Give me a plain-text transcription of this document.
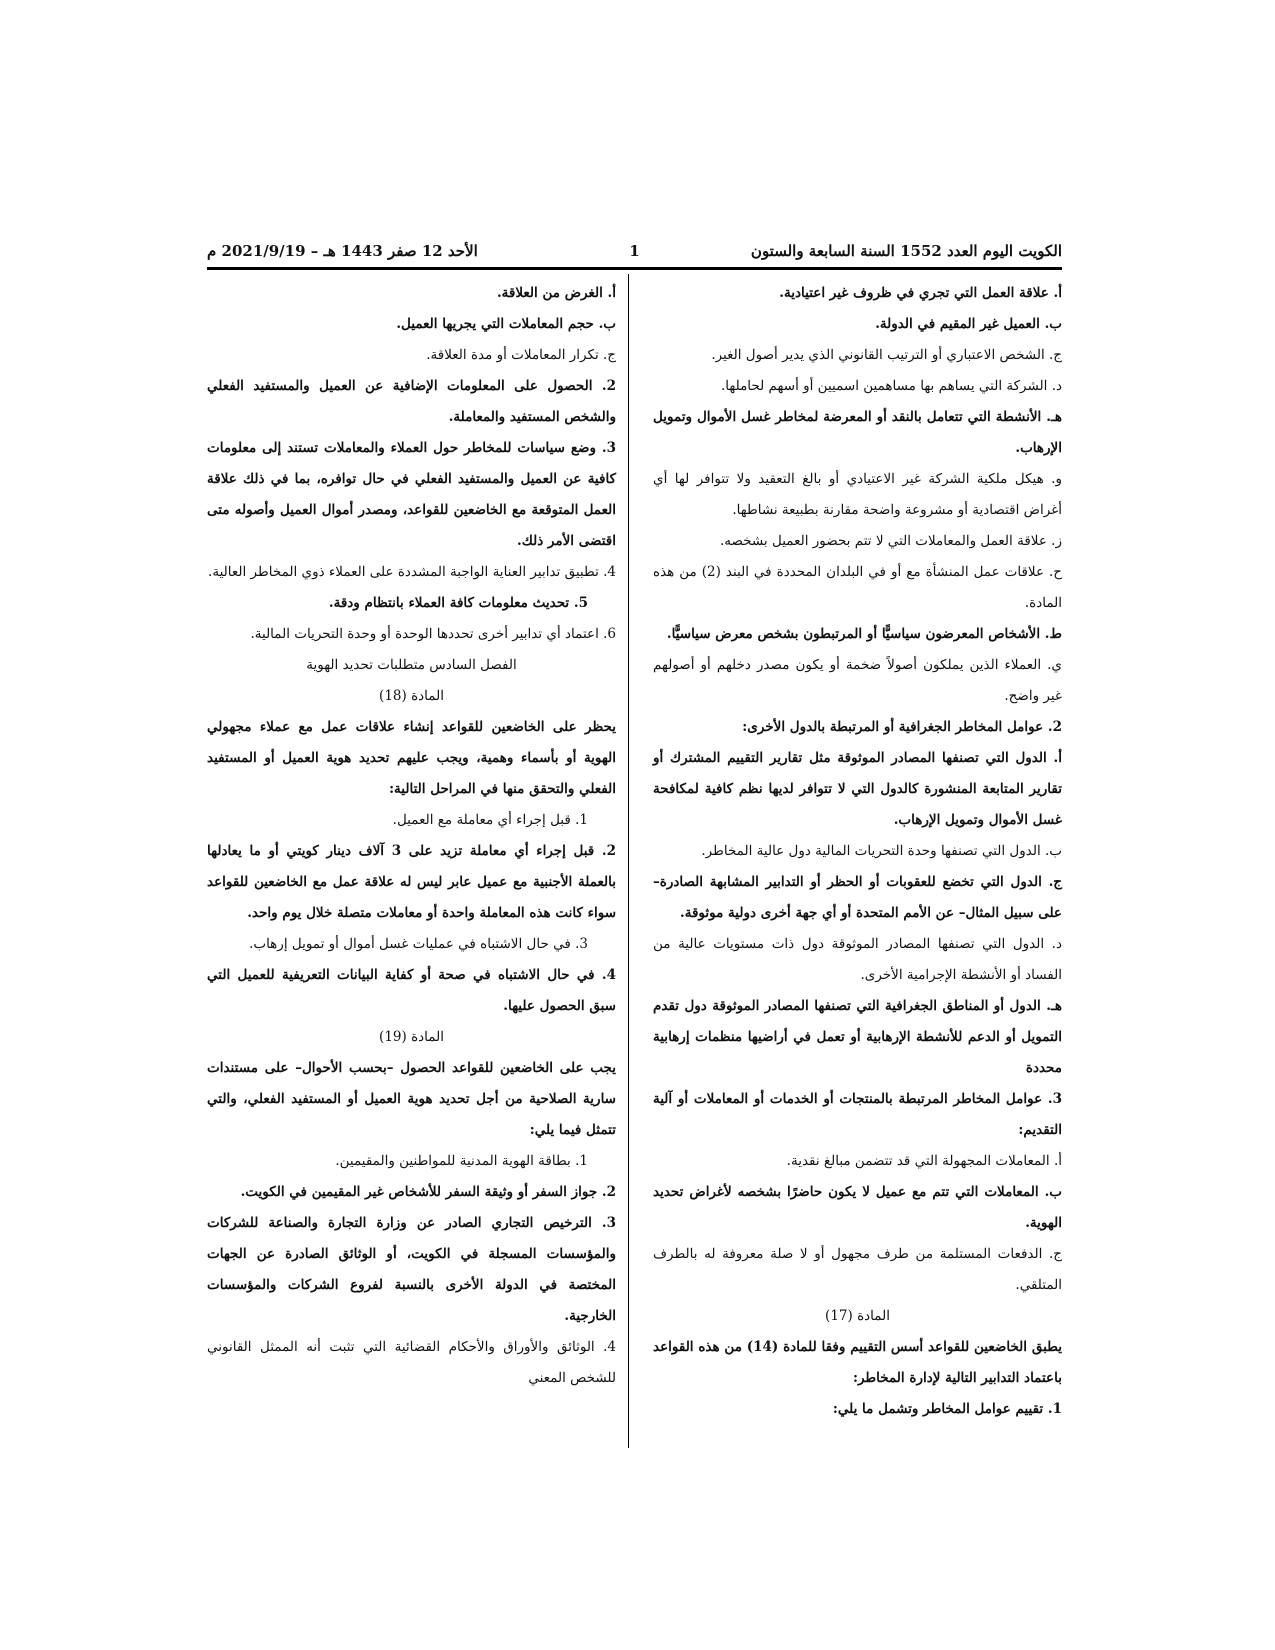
الكويت اليوم العدد 1552 السنة السابعة والستون
1
الأحد 12 صفر 1443 هـ – 2021/9/19 م

أ. علاقة العمل التي تجري في ظروف غير اعتيادية.

ب. العميل غير المقيم في الدولة.

ج. الشخص الاعتباري أو الترتيب القانوني الذي يدير أصول الغير.

د. الشركة التي يساهم بها مساهمين اسميين أو أسهم لحاملها.

هـ. الأنشطة التي تتعامل بالنقد أو المعرضة لمخاطر غسل الأموال وتمويل الإرهاب.

و. هيكل ملكية الشركة غير الاعتيادي أو بالغ التعقيد ولا تتوافر لها أي أغراض اقتصادية أو مشروعة واضحة مقارنة بطبيعة نشاطها.

ز. علاقة العمل والمعاملات التي لا تتم بحضور العميل بشخصه.

ح. علاقات عمل المنشأة مع أو في البلدان المحددة في البند (2) من هذه المادة.

ط. الأشخاص المعرضون سياسيًّا أو المرتبطون بشخص معرض سياسيًّا.

ي. العملاء الذين يملكون أصولاً ضخمة أو يكون مصدر دخلهم أو أصولهم غير واضح.

2. عوامل المخاطر الجغرافية أو المرتبطة بالدول الأخرى:

أ. الدول التي تصنفها المصادر الموثوقة مثل تقارير التقييم المشترك أو تقارير المتابعة المنشورة كالدول التي لا تتوافر لديها نظم كافية لمكافحة غسل الأموال وتمويل الإرهاب.

ب. الدول التي تصنفها وحدة التحريات المالية دول عالية المخاطر.

ج. الدول التي تخضع للعقوبات أو الحظر أو التدابير المشابهة الصادرة–على سبيل المثال– عن الأمم المتحدة أو أي جهة أخرى دولية موثوقة.

د. الدول التي تصنفها المصادر الموثوقة دول ذات مستويات عالية من الفساد أو الأنشطة الإجرامية الأخرى.

هـ. الدول أو المناطق الجغرافية التي تصنفها المصادر الموثوقة دول تقدم التمويل أو الدعم للأنشطة الإرهابية أو تعمل في أراضيها منظمات إرهابية محددة

3. عوامل المخاطر المرتبطة بالمنتجات أو الخدمات أو المعاملات أو آلية التقديم:

أ. المعاملات المجهولة التي قد تتضمن مبالغ نقدية.

ب. المعاملات التي تتم مع عميل لا يكون حاضرًا بشخصه لأغراض تحديد الهوية.

ج. الدفعات المستلمة من طرف مجهول أو لا صلة معروفة له بالطرف المتلقي.

المادة (17)

يطبق الخاضعين للقواعد أسس التقييم وفقا للمادة (14) من هذه القواعد باعتماد التدابير التالية لإدارة المخاطر:

1. تقييم عوامل المخاطر وتشمل ما يلي:

أ. الغرض من العلاقة.

ب. حجم المعاملات التي يجريها العميل.

ج. تكرار المعاملات أو مدة العلاقة.

2. الحصول على المعلومات الإضافية عن العميل والمستفيد الفعلي والشخص المستفيد والمعاملة.

3. وضع سياسات للمخاطر حول العملاء والمعاملات تستند إلى معلومات كافية عن العميل والمستفيد الفعلي في حال توافره، بما في ذلك علاقة العمل المتوقعة مع الخاضعين للقواعد، ومصدر أموال العميل وأصوله متى اقتضى الأمر ذلك.

4. تطبيق تدابير العناية الواجبة المشددة على العملاء ذوي المخاطر العالية.

5. تحديث معلومات كافة العملاء بانتظام ودقة.

6. اعتماد أي تدابير أخرى تحددها الوحدة أو وحدة التحريات المالية.

الفصل السادس متطلبات تحديد الهوية

المادة (18)

يحظر على الخاضعين للقواعد إنشاء علاقات عمل مع عملاء مجهولي الهوية أو بأسماء وهمية، ويجب عليهم تحديد هوية العميل أو المستفيد الفعلي والتحقق منها في المراحل التالية:

1. قبل إجراء أي معاملة مع العميل.

2. قبل إجراء أي معاملة تزيد على 3 آلاف دينار كويتي أو ما يعادلها بالعملة الأجنبية مع عميل عابر ليس له علاقة عمل مع الخاضعين للقواعد سواء كانت هذه المعاملة واحدة أو معاملات متصلة خلال يوم واحد.

3. في حال الاشتباه في عمليات غسل أموال أو تمويل إرهاب.

4. في حال الاشتباه في صحة أو كفاية البيانات التعريفية للعميل التي سبق الحصول عليها.

المادة (19)

يجب على الخاضعين للقواعد الحصول –بحسب الأحوال– على مستندات سارية الصلاحية من أجل تحديد هوية العميل أو المستفيد الفعلي، والتي تتمثل فيما يلي:

1. بطاقة الهوية المدنية للمواطنين والمقيمين.

2. جواز السفر أو وثيقة السفر للأشخاص غير المقيمين في الكويت.

3. الترخيص التجاري الصادر عن وزارة التجارة والصناعة للشركات والمؤسسات المسجلة في الكويت، أو الوثائق الصادرة عن الجهات المختصة في الدولة الأخرى بالنسبة لفروع الشركات والمؤسسات الخارجية.

4. الوثائق والأوراق والأحكام القضائية التي تثبت أنه الممثل القانوني للشخص المعني
